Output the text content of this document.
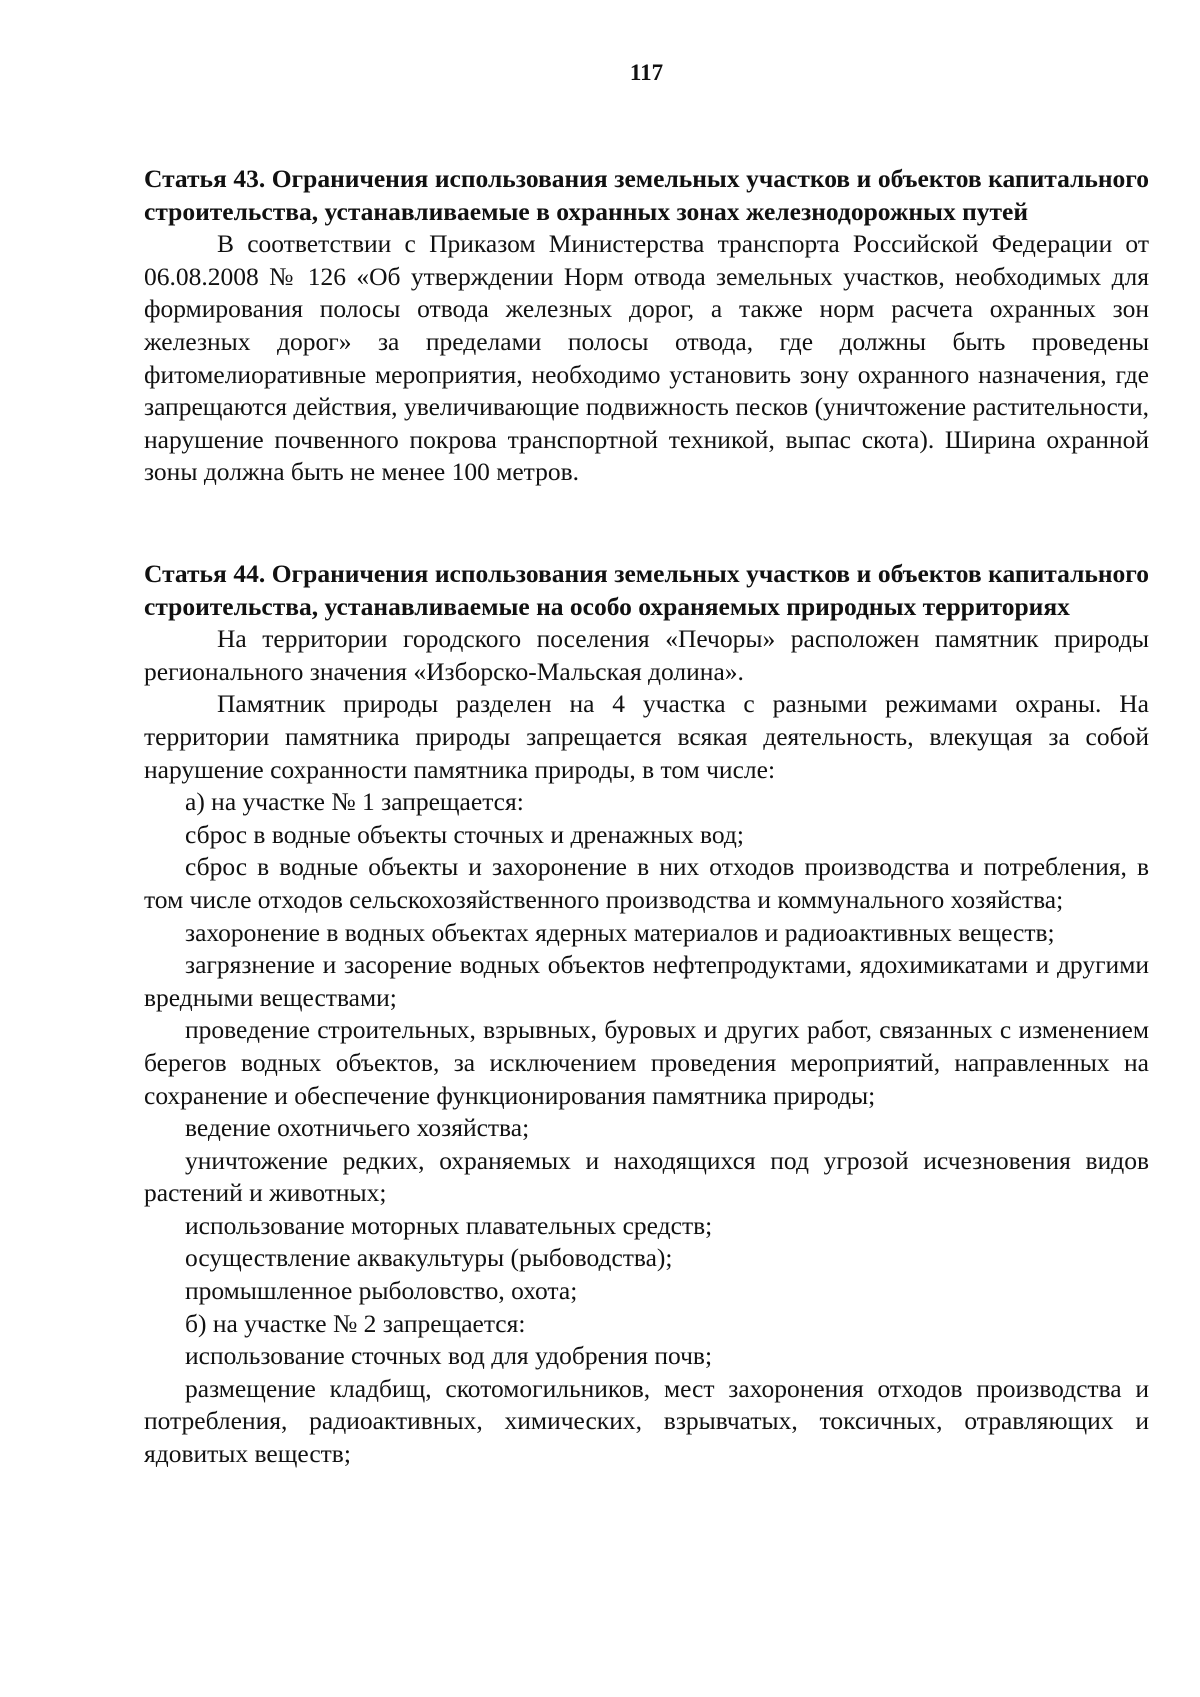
117

Статья 43. Ограничения использования земельных участков и объектов капитального строительства, устанавливаемые в охранных зонах железнодорожных путей

В соответствии с Приказом Министерства транспорта Российской Федерации от 06.08.2008 № 126 «Об утверждении Норм отвода земельных участков, необходимых для формирования полосы отвода железных дорог, а также норм расчета охранных зон железных дорог» за пределами полосы отвода, где должны быть проведены фитомелиоративные мероприятия, необходимо установить зону охранного назначения, где запрещаются действия, увеличивающие подвижность песков (уничтожение растительности, нарушение почвенного покрова транспортной техникой, выпас скота). Ширина охранной зоны должна быть не менее 100 метров.

Статья 44. Ограничения использования земельных участков и объектов капитального строительства, устанавливаемые на особо охраняемых природных территориях

На территории городского поселения «Печоры» расположен памятник природы регионального значения «Изборско-Мальская долина».

Памятник природы разделен на 4 участка с разными режимами охраны. На территории памятника природы запрещается всякая деятельность, влекущая за собой нарушение сохранности памятника природы, в том числе:

а) на участке № 1 запрещается:

сброс в водные объекты сточных и дренажных вод;

сброс в водные объекты и захоронение в них отходов производства и потребления, в том числе отходов сельскохозяйственного производства и коммунального хозяйства;

захоронение в водных объектах ядерных материалов и радиоактивных веществ;

загрязнение и засорение водных объектов нефтепродуктами, ядохимикатами и другими вредными веществами;

проведение строительных, взрывных, буровых и других работ, связанных с изменением берегов водных объектов, за исключением проведения мероприятий, направленных на сохранение и обеспечение функционирования памятника природы;

ведение охотничьего хозяйства;

уничтожение редких, охраняемых и находящихся под угрозой исчезновения видов растений и животных;

использование моторных плавательных средств;

осуществление аквакультуры (рыбоводства);

промышленное рыболовство, охота;

б) на участке № 2 запрещается:

использование сточных вод для удобрения почв;

размещение кладбищ, скотомогильников, мест захоронения отходов производства и потребления, радиоактивных, химических, взрывчатых, токсичных, отравляющих и ядовитых веществ;
